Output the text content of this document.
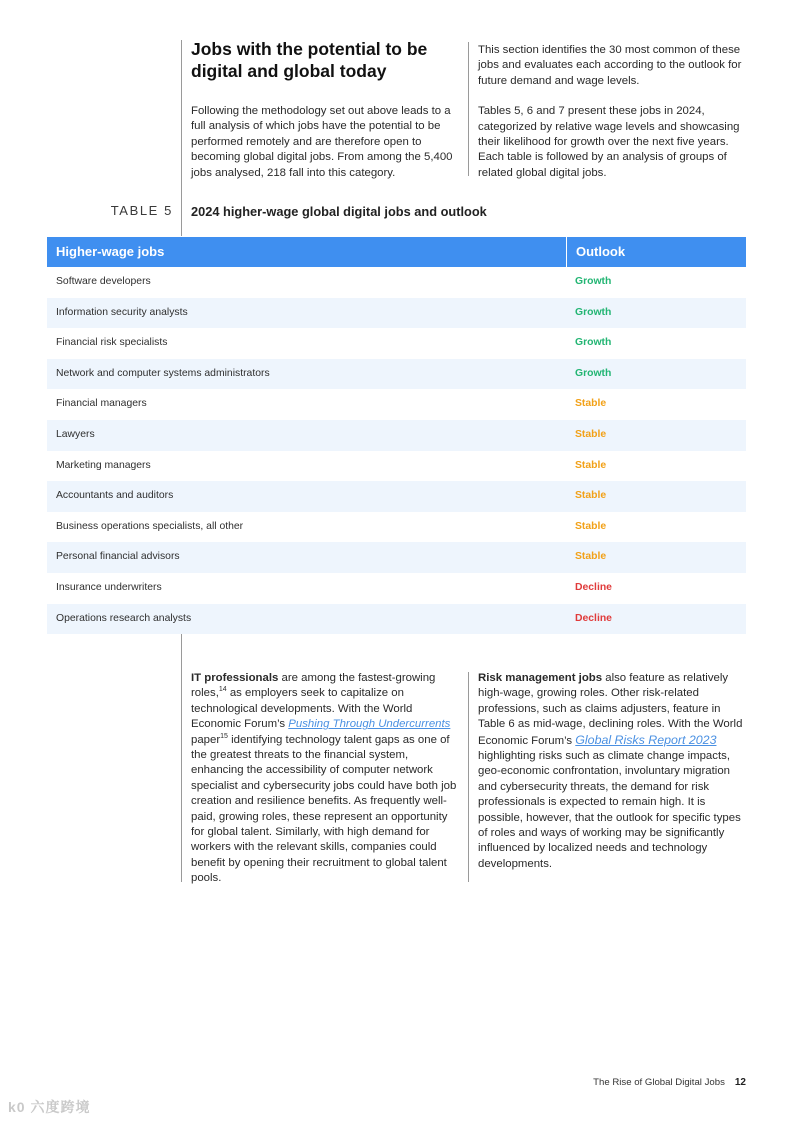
Jobs with the potential to be digital and global today

Following the methodology set out above leads to a full analysis of which jobs have the potential to be performed remotely and are therefore open to becoming global digital jobs. From among the 5,400 jobs analysed, 218 fall into this category.

This section identifies the 30 most common of these jobs and evaluates each according to the outlook for future demand and wage levels.

Tables 5, 6 and 7 present these jobs in 2024, categorized by relative wage levels and showcasing their likelihood for growth over the next five years. Each table is followed by an analysis of groups of related global digital jobs.

TABLE 5 2024 higher-wage global digital jobs and outlook
Higher-wage jobs	Outlook
Software developers	Growth
Information security analysts	Growth
Financial risk specialists	Growth
Network and computer systems administrators	Growth
Financial managers	Stable
Lawyers	Stable
Marketing managers	Stable
Accountants and auditors	Stable
Business operations specialists, all other	Stable
Personal financial advisors	Stable
Insurance underwriters	Decline
Operations research analysts	Decline

IT professionals are among the fastest-growing roles,$^{14}$ as employers seek to capitalize on technological developments. With the World Economic Forum’s Pushing Through Undercurrents paper$^{15}$ identifying technology talent gaps as one of the greatest threats to the financial system, enhancing the accessibility of computer network specialist and cybersecurity jobs could have both job creation and resilience benefits. As frequently well-paid, growing roles, these represent an opportunity for global talent. Similarly, with high demand for workers with the relevant skills, companies could benefit by opening their recruitment to global talent pools.

Risk management jobs also feature as relatively high-wage, growing roles. Other risk-related professions, such as claims adjusters, feature in Table 6 as mid-wage, declining roles. With the World Economic Forum’s Global Risks Report 2023 highlighting risks such as climate change impacts, geo-economic confrontation, involuntary migration and cybersecurity threats, the demand for risk professionals is expected to remain high. It is possible, however, that the outlook for specific types of roles and ways of working may be significantly influenced by localized needs and technology developments.

The Rise of Global Digital Jobs 12
k0 六度跨境
